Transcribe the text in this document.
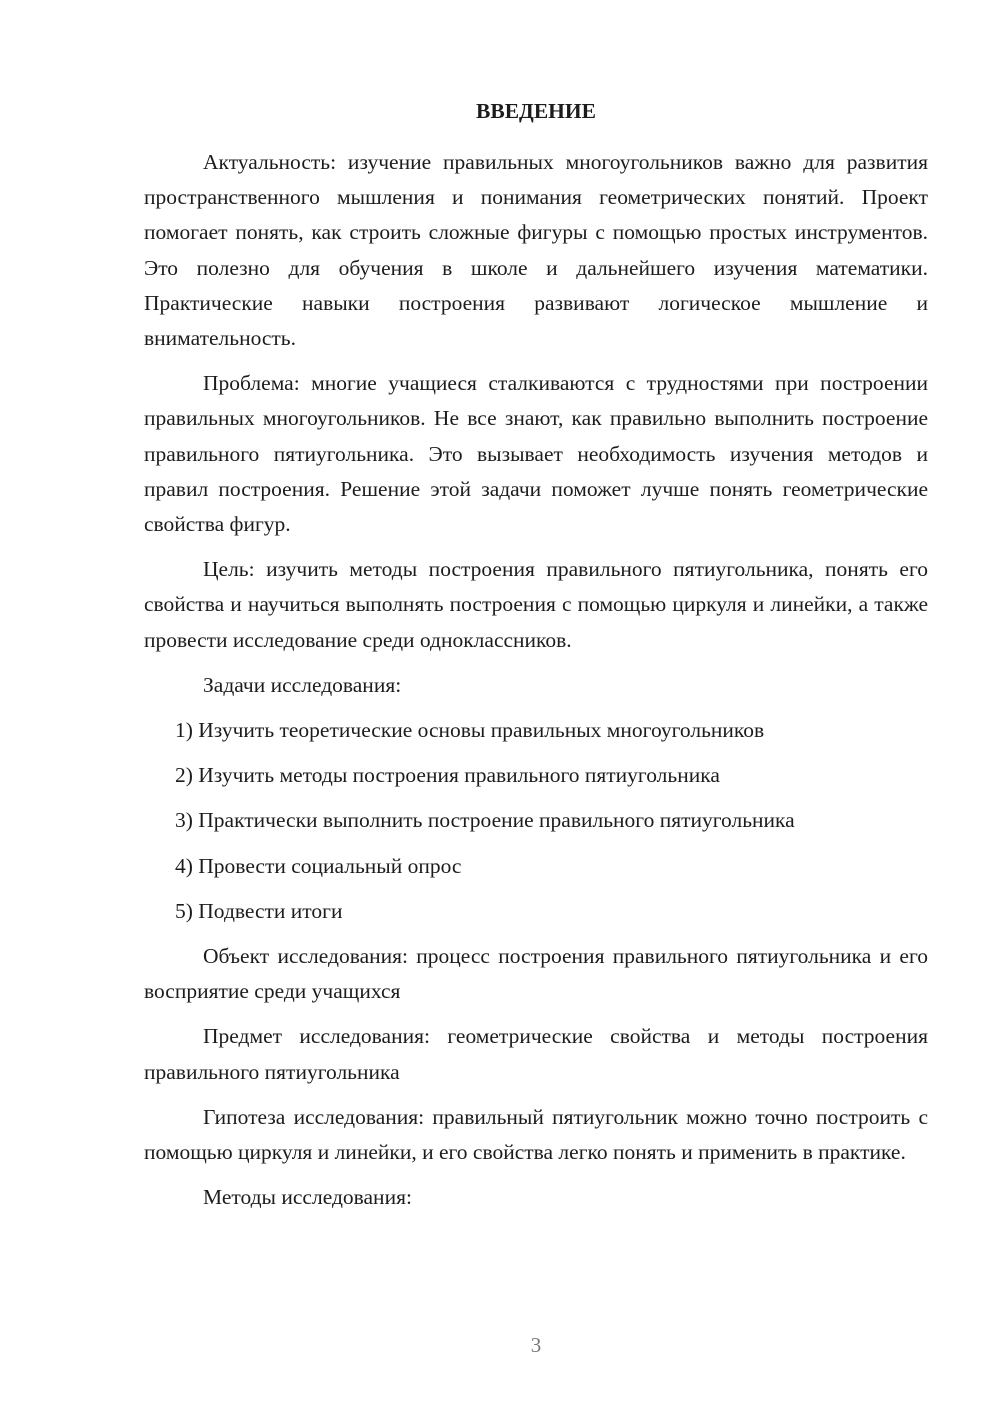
ВВЕДЕНИЕ

Актуальность: изучение правильных многоугольников важно для развития пространственного мышления и понимания геометрических понятий. Проект помогает понять, как строить сложные фигуры с помощью простых инструментов. Это полезно для обучения в школе и дальнейшего изучения математики. Практические навыки построения развивают логическое мышление и внимательность.

Проблема: многие учащиеся сталкиваются с трудностями при построении правильных многоугольников. Не все знают, как правильно выполнить построение правильного пятиугольника. Это вызывает необходимость изучения методов и правил построения. Решение этой задачи поможет лучше понять геометрические свойства фигур.

Цель: изучить методы построения правильного пятиугольника, понять его свойства и научиться выполнять построения с помощью циркуля и линейки, а также провести исследование среди одноклассников.

Задачи исследования:

1) Изучить теоретические основы правильных многоугольников
2) Изучить методы построения правильного пятиугольника
3) Практически выполнить построение правильного пятиугольника
4) Провести социальный опрос
5) Подвести итоги

Объект исследования: процесс построения правильного пятиугольника и его восприятие среди учащихся

Предмет исследования: геометрические свойства и методы построения правильного пятиугольника

Гипотеза исследования: правильный пятиугольник можно точно построить с помощью циркуля и линейки, и его свойства легко понять и применить в практике.

Методы исследования:

3
